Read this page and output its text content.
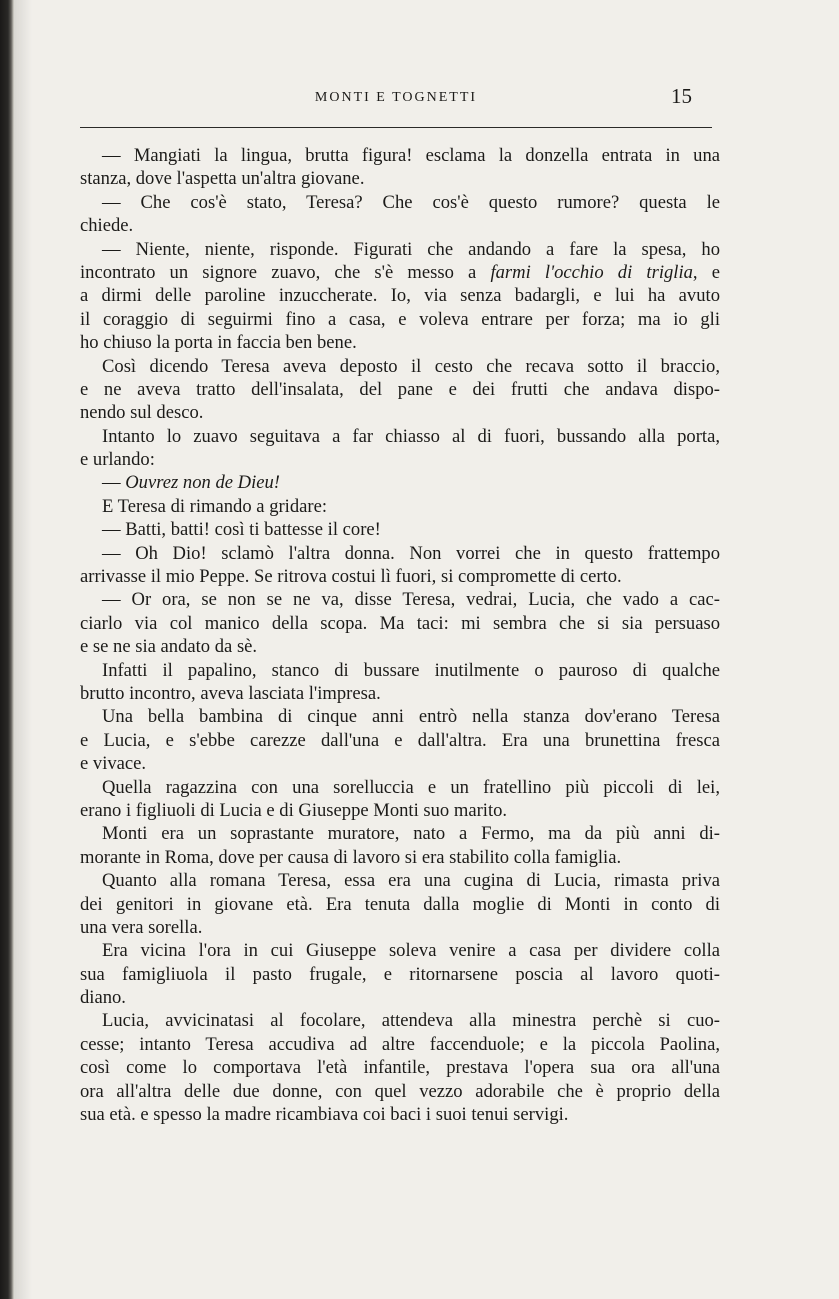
MONTI E TOGNETTI	15
— Mangiati la lingua, brutta figura! esclama la donzella entrata in una
stanza, dove l'aspetta un'altra giovane.
— Che cos'è stato, Teresa? Che cos'è questo rumore? questa le
chiede.
— Niente, niente, risponde. Figurati che andando a fare la spesa, ho
incontrato un signore zuavo, che s'è messo a farmi l'occhio di triglia, e
a dirmi delle paroline inzuccherate. Io, via senza badargli, e lui ha avuto
il coraggio di seguirmi fino a casa, e voleva entrare per forza; ma io gli
ho chiuso la porta in faccia ben bene.
Così dicendo Teresa aveva deposto il cesto che recava sotto il braccio,
e ne aveva tratto dell'insalata, del pane e dei frutti che andava dispo-
nendo sul desco.
Intanto lo zuavo seguitava a far chiasso al di fuori, bussando alla porta,
e urlando:
— Ouvrez non de Dieu!
E Teresa di rimando a gridare:
— Batti, batti! così ti battesse il core!
— Oh Dio! sclamò l'altra donna. Non vorrei che in questo frattempo
arrivasse il mio Peppe. Se ritrova costui lì fuori, si compromette di certo.
— Or ora, se non se ne va, disse Teresa, vedrai, Lucia, che vado a cac-
ciarlo via col manico della scopa. Ma taci: mi sembra che si sia persuaso
e se ne sia andato da sè.
Infatti il papalino, stanco di bussare inutilmente o pauroso di qualche
brutto incontro, aveva lasciata l'impresa.
Una bella bambina di cinque anni entrò nella stanza dov'erano Teresa
e Lucia, e s'ebbe carezze dall'una e dall'altra. Era una brunettina fresca
e vivace.
Quella ragazzina con una sorelluccia e un fratellino più piccoli di lei,
erano i figliuoli di Lucia e di Giuseppe Monti suo marito.
Monti era un soprastante muratore, nato a Fermo, ma da più anni di-
morante in Roma, dove per causa di lavoro si era stabilito colla famiglia.
Quanto alla romana Teresa, essa era una cugina di Lucia, rimasta priva
dei genitori in giovane età. Era tenuta dalla moglie di Monti in conto di
una vera sorella.
Era vicina l'ora in cui Giuseppe soleva venire a casa per dividere colla
sua famigliuola il pasto frugale, e ritornarsene poscia al lavoro quoti-
diano.
Lucia, avvicinatasi al focolare, attendeva alla minestra perchè si cuo-
cesse; intanto Teresa accudiva ad altre faccenduole; e la piccola Paolina,
così come lo comportava l'età infantile, prestava l'opera sua ora all'una
ora all'altra delle due donne, con quel vezzo adorabile che è proprio della
sua età. e spesso la madre ricambiava coi baci i suoi tenui servigi.
